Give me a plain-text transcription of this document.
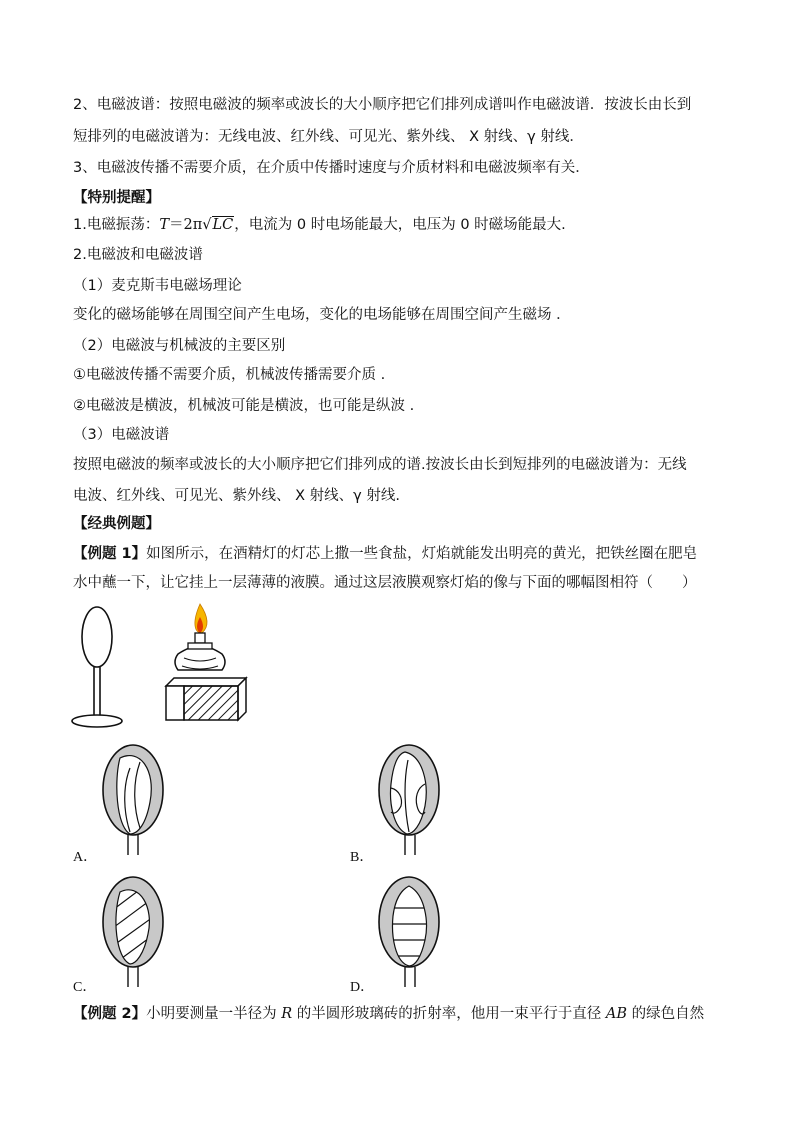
2、电磁波谱：按照电磁波的频率或波长的大小顺序把它们排列成谱叫作电磁波谱．按波长由长到
短排列的电磁波谱为：无线电波、红外线、可见光、紫外线、 X 射线、γ 射线．
3、电磁波传播不需要介质，在介质中传播时速度与介质材料和电磁波频率有关．
【特别提醒】
1.电磁振荡：T＝2π√LC，电流为 0 时电场能最大，电压为 0 时磁场能最大.
2.电磁波和电磁波谱
（1）麦克斯韦电磁场理论
变化的磁场能够在周围空间产生电场，变化的电场能够在周围空间产生磁场 ．
（2）电磁波与机械波的主要区别
①电磁波传播不需要介质，机械波传播需要介质 .
②电磁波是横波，机械波可能是横波，也可能是纵波 .
（3）电磁波谱
按照电磁波的频率或波长的大小顺序把它们排列成的谱.按波长由长到短排列的电磁波谱为：无线
电波、红外线、可见光、紫外线、 X 射线、γ 射线.
【经典例题】
【例题 1】如图所示，在酒精灯的灯芯上撒一些食盐，灯焰就能发出明亮的黄光，把铁丝圈在肥皂
水中蘸一下，让它挂上一层薄薄的液膜。通过这层液膜观察灯焰的像与下面的哪幅图相符（　　）
A．	B．
C．	D．
【例题 2】小明要测量一半径为 R 的半圆形玻璃砖的折射率，他用一束平行于直径 AB 的绿色自然
